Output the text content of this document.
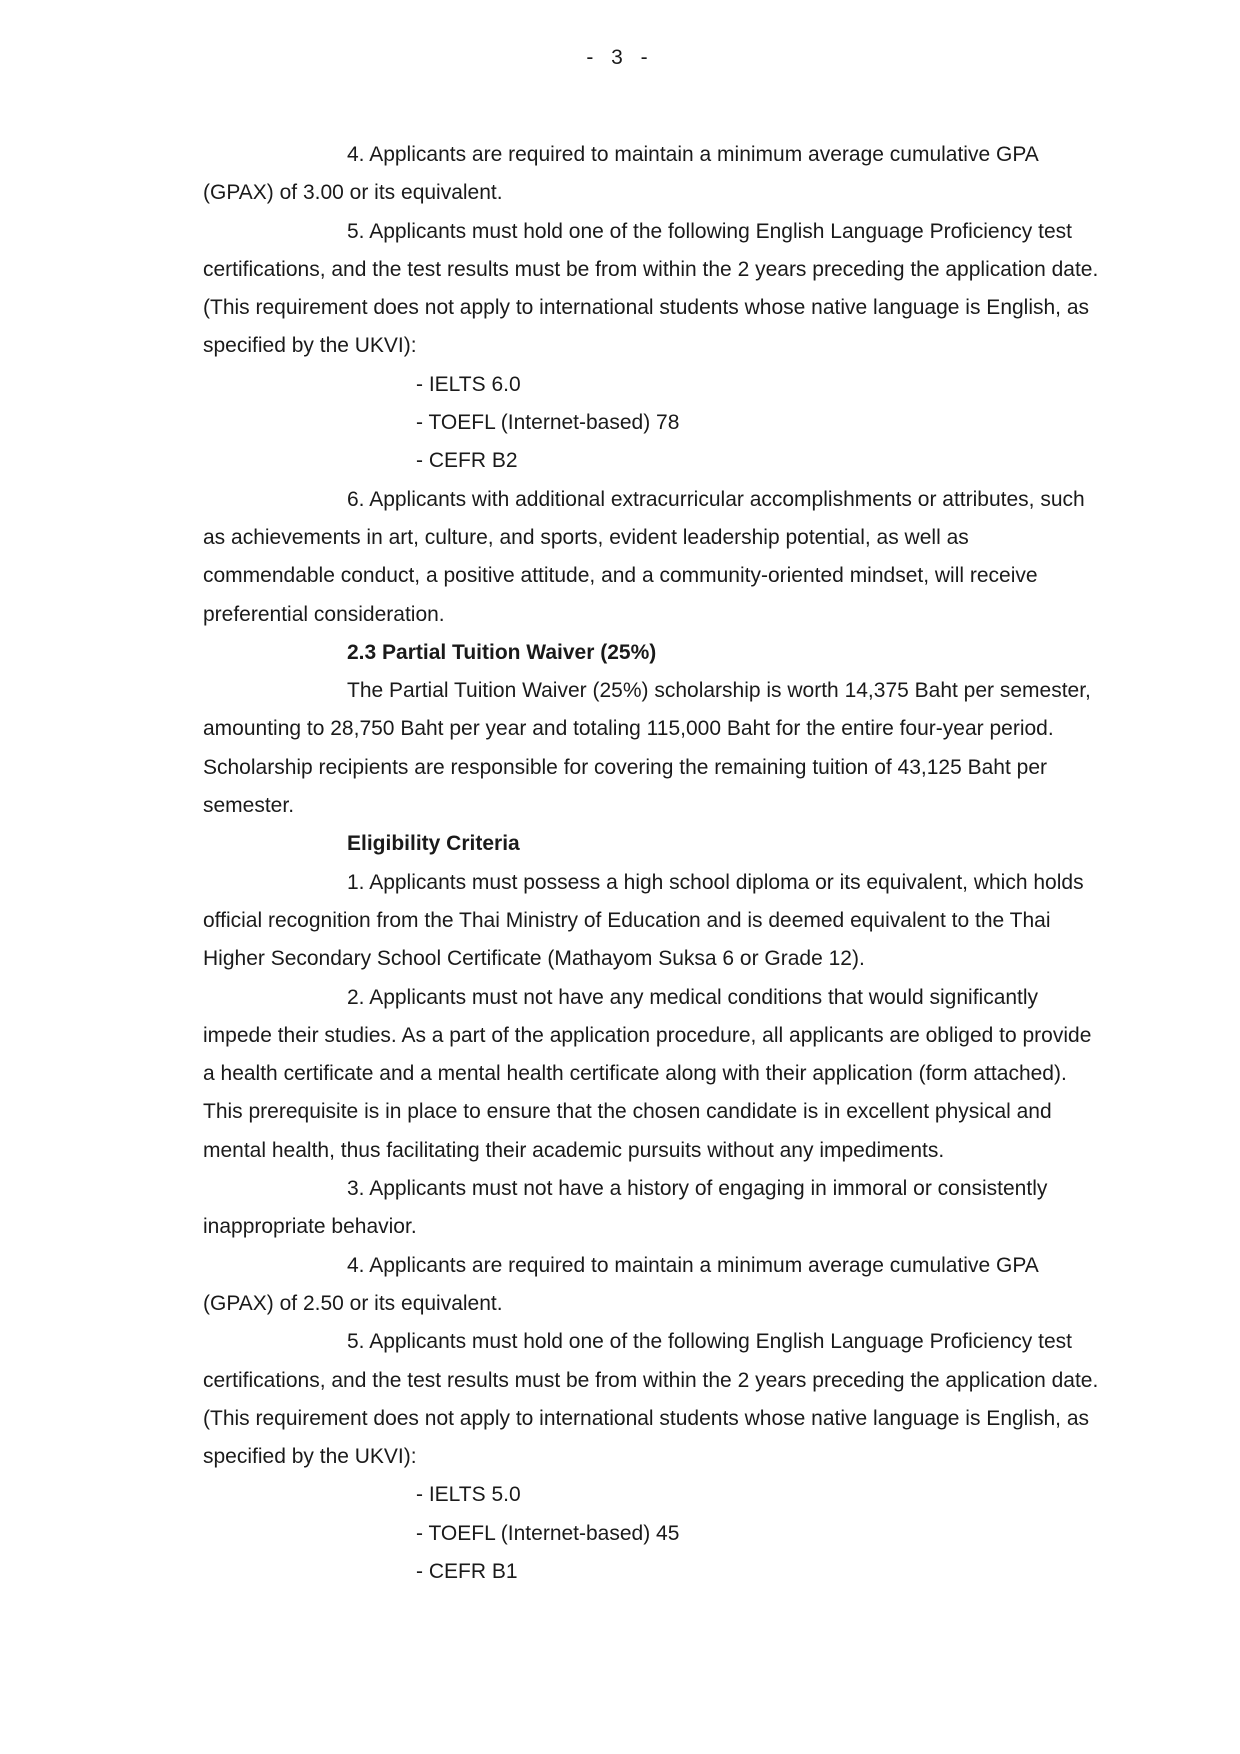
- 3 -

4. Applicants are required to maintain a minimum average cumulative GPA (GPAX) of 3.00 or its equivalent.

5. Applicants must hold one of the following English Language Proficiency test certifications, and the test results must be from within the 2 years preceding the application date. (This requirement does not apply to international students whose native language is English, as specified by the UKVI):

- IELTS 6.0

- TOEFL (Internet-based) 78

- CEFR B2

6. Applicants with additional extracurricular accomplishments or attributes, such as achievements in art, culture, and sports, evident leadership potential, as well as commendable conduct, a positive attitude, and a community-oriented mindset, will receive preferential consideration.

2.3 Partial Tuition Waiver (25%)

The Partial Tuition Waiver (25%) scholarship is worth 14,375 Baht per semester, amounting to 28,750 Baht per year and totaling 115,000 Baht for the entire four-year period. Scholarship recipients are responsible for covering the remaining tuition of 43,125 Baht per semester.

Eligibility Criteria

1. Applicants must possess a high school diploma or its equivalent, which holds official recognition from the Thai Ministry of Education and is deemed equivalent to the Thai Higher Secondary School Certificate (Mathayom Suksa 6 or Grade 12).

2. Applicants must not have any medical conditions that would significantly impede their studies. As a part of the application procedure, all applicants are obliged to provide a health certificate and a mental health certificate along with their application (form attached). This prerequisite is in place to ensure that the chosen candidate is in excellent physical and mental health, thus facilitating their academic pursuits without any impediments.

3. Applicants must not have a history of engaging in immoral or consistently inappropriate behavior.

4. Applicants are required to maintain a minimum average cumulative GPA (GPAX) of 2.50 or its equivalent.

5. Applicants must hold one of the following English Language Proficiency test certifications, and the test results must be from within the 2 years preceding the application date. (This requirement does not apply to international students whose native language is English, as specified by the UKVI):

- IELTS 5.0

- TOEFL (Internet-based) 45

- CEFR B1
